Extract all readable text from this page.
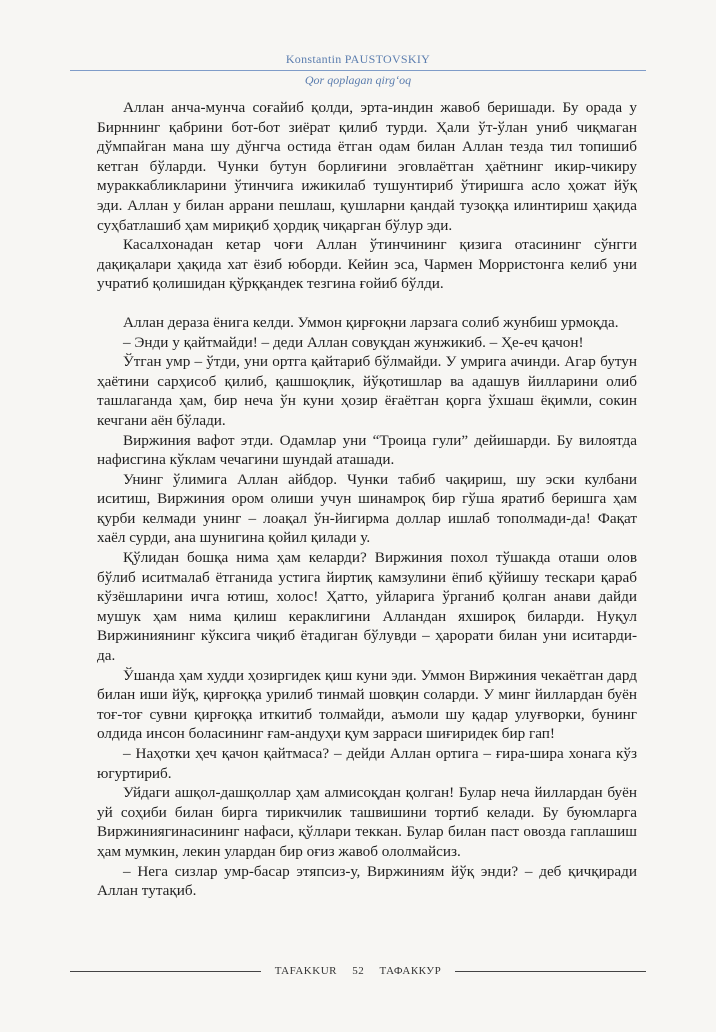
Konstantin PAUSTOVSKIY
Qor qoplagan qirg‘oq

Аллан анча-мунча соғайиб қолди, эрта-индин жавоб беришади. Бу орада у Бирннинг қабрини бот-бот зиёрат қилиб турди. Ҳали ўт-ўлан униб чиқмаган дўмпайган мана шу дўнгча остида ётган одам билан Аллан тезда тил топишиб кетган бўларди. Чунки бутун борлиғини эговлаётган ҳаётнинг икир-чикиру мураккабликларини ўтинчига ижикилаб тушунтириб ўтиришга асло ҳожат йўқ эди. Аллан у билан аррани пешлаш, қушларни қандай тузоққа илинтириш ҳақида суҳбатлашиб ҳам мириқиб ҳордиқ чиқарган бўлур эди.

Касалхонадан кетар чоғи Аллан ўтинчининг қизига отасининг сўнгги дақиқалари ҳақида хат ёзиб юборди. Кейин эса, Чармен Морристонга келиб уни учратиб қолишидан қўрққандек тезгина ғойиб бўлди.

Аллан деразa ёнига келди. Уммон қирғоқни ларзага солиб жунбиш урмоқда.

– Энди у қайтмайди! – деди Аллан совуқдан жунжикиб. – Ҳе-еч қачон!

Ўтган умр – ўтди, уни ортга қайтариб бўлмайди. У умрига ачинди. Агар бутун ҳаётини сарҳисоб қилиб, қашшоқлик, йўқотишлар ва адашув йилларини олиб ташлаганда ҳам, бир неча ўн куни ҳозир ёғаётган қорга ўхшаш ёқимли, сокин кечгани аён бўлади.

Виржиния вафот этди. Одамлар уни “Троица гули” дейишарди. Бу вилоятда нафисгина кўклам чечагини шундай аташади.

Унинг ўлимига Аллан айбдор. Чунки табиб чақириш, шу эски кулбани иситиш, Виржиния ором олиши учун шинамроқ бир гўша яратиб беришга ҳам қурби келмади унинг – лоақал ўн-йигирма доллар ишлаб тополмади-да! Фақат хаёл сурди, ана шунигина қойил қилади у.

Қўлидан бошқа нима ҳам келарди? Виржиния похол тўшакда оташи олов бўлиб иситмалаб ётганида устига йиртиқ камзулини ёпиб қўйишу тескари қараб кўзёшларини ичга ютиш, холос! Ҳатто, уйларига ўрганиб қолган анави дайди мушук ҳам нима қилиш кераклигини Алландан яхшироқ биларди. Нуқул Виржиниянинг кўксига чиқиб ётадиган бўлувди – ҳарорати билан уни иситарди-да.

Ўшанда ҳам худди ҳозиргидек қиш куни эди. Уммон Виржиния чекаётган дард билан иши йўқ, қирғоққа урилиб тинмай шовқин соларди. У минг йиллардан буён тоғ-тоғ сувни қирғоққа иткитиб толмайди, аъмоли шу қадар улуғворки, бунинг олдида инсон боласининг ғам-андуҳи қум зарраси шиғиридек бир гап!

– Наҳотки ҳеч қачон қайтмаса? – дейди Аллан ортига – ғира-шира хонага кўз югуртириб.

Уйдаги ашқол-дашқоллар ҳам алмисоқдан қолган! Булар неча йиллардан буён уй соҳиби билан бирга тирикчилик ташвишини тортиб келади. Бу буюмларга Виржиниягинасининг нафаси, қўллари теккан. Булар билан паст овозда гаплашиш ҳам мумкин, лекин улардан бир оғиз жавоб ололмайсиз.

– Нега сизлар умр-басар этяпсиз-у, Виржиниям йўқ энди? – деб қичқиради Аллан тутақиб.

TAFAKKUR 52 ТАФАККУР
